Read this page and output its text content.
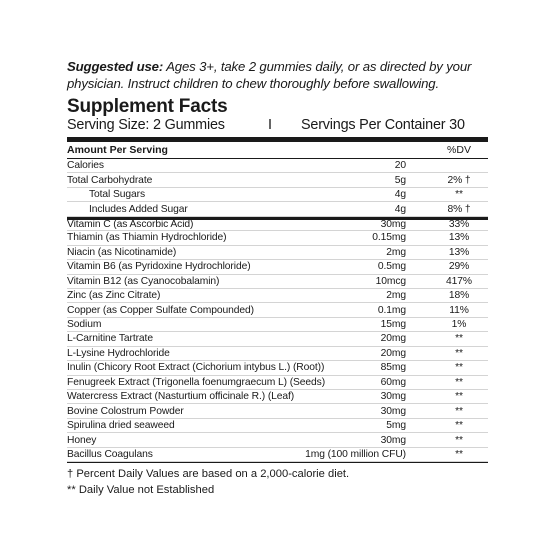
Suggested use: Ages 3+, take 2 gummies daily, or as directed by your physician. Instruct children to chew thoroughly before swallowing.
Supplement Facts
Serving Size: 2 Gummies	I	Servings Per Container 30
Amount Per Serving	%DV
Calories	20
Total Carbohydrate	5g	2% †
Total Sugars	4g	**
Includes Added Sugar	4g	8% †
Vitamin C (as Ascorbic Acid)	30mg	33%
Thiamin (as Thiamin Hydrochloride)	0.15mg	13%
Niacin (as Nicotinamide)	2mg	13%
Vitamin B6 (as Pyridoxine Hydrochloride)	0.5mg	29%
Vitamin B12 (as Cyanocobalamin)	10mcg	417%
Zinc (as Zinc Citrate)	2mg	18%
Copper (as Copper Sulfate Compounded)	0.1mg	11%
Sodium	15mg	1%
L-Carnitine Tartrate	20mg	**
L-Lysine Hydrochloride	20mg	**
Inulin (Chicory Root Extract (Cichorium intybus L.) (Root))	85mg	**
Fenugreek Extract (Trigonella foenumgraecum L) (Seeds)	60mg	**
Watercress Extract (Nasturtium officinale R.) (Leaf)	30mg	**
Bovine Colostrum Powder	30mg	**
Spirulina dried seaweed	5mg	**
Honey	30mg	**
Bacillus Coagulans	1mg (100 million CFU)	**
† Percent Daily Values are based on a 2,000-calorie diet.
** Daily Value not Established
